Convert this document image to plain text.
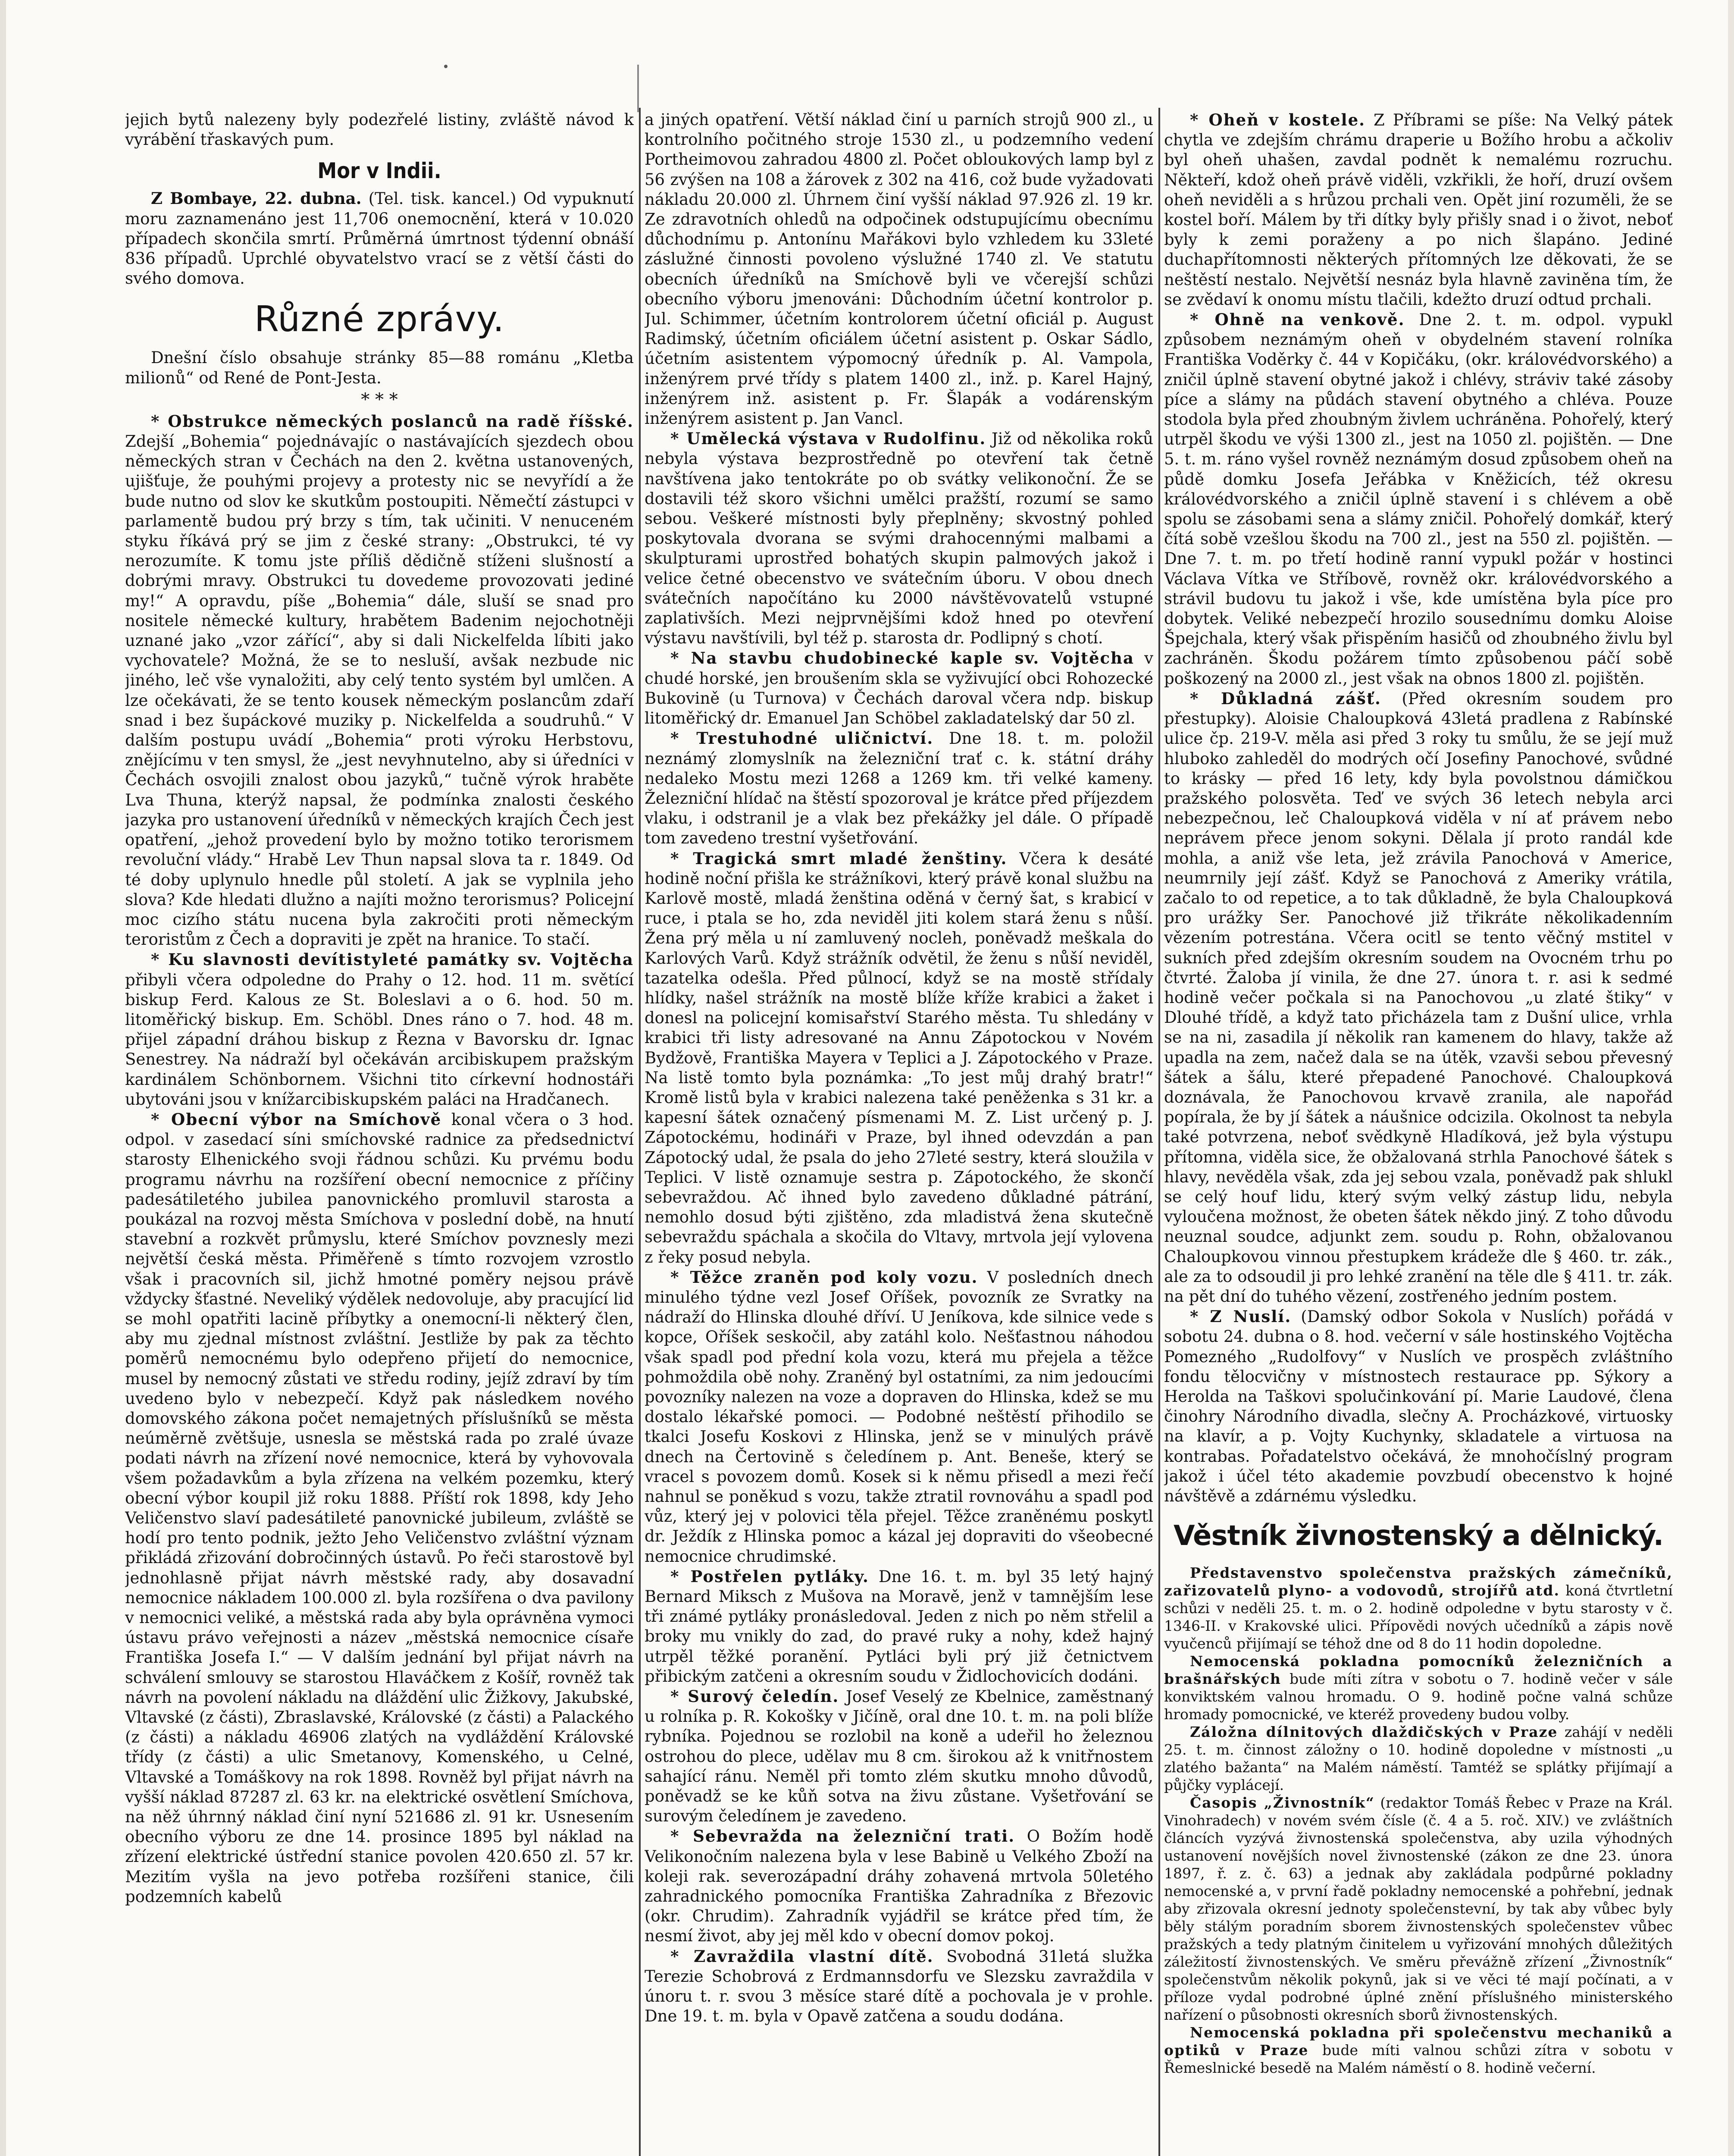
jejich bytů nalezeny byly podezřelé listiny, zvláště návod k vyrábění třaskavých pum.

Mor v Indii.

Z Bombaye, 22. dubna. (Tel. tisk. kancel.) Od vypuknutí moru zaznamenáno jest 11,706 onemocnění, která v 10.020 případech skončila smrtí. Průměrná úmrtnost týdenní obnáší 836 případů. Uprchlé obyvatelstvo vrací se z větší části do svého domova.

Různé zprávy.

Dnešní číslo obsahuje stránky 85—88 románu „Kletba milionů“ od René de Pont-Jesta.

* * *

* Obstrukce německých poslanců na radě říšské. Zdejší „Bohemia“ pojednávajíc o nastávajících sjezdech obou německých stran v Čechách na den 2. května ustanovených, ujišťuje, že pouhými projevy a protesty nic se nevyřídí a že bude nutno od slov ke skutkům postoupiti. Němečtí zástupci v parlamentě budou prý brzy s tím, tak učiniti. V nenuceném styku říkává prý se jim z české strany: „Obstrukci, té vy nerozumíte. K tomu jste příliš dědičně stíženi slušností a dobrými mravy. Obstrukci tu dovedeme provozovati jediné my!“ A opravdu, píše „Bohemia“ dále, sluší se snad pro nositele německé kultury, hrabětem Badenim nejochotněji uznané jako „vzor zářící“, aby si dali Nickelfelda líbiti jako vychovatele? Možná, že se to nesluší, avšak nezbude nic jiného, leč vše vynaložiti, aby celý tento systém byl umlčen. A lze očekávati, že se tento kousek německým poslancům zdaří snad i bez šupáckové muziky p. Nickelfelda a soudruhů.“ V dalším postupu uvádí „Bohemia“ proti výroku Herbstovu, znějícímu v ten smysl, že „jest nevyhnutelno, aby si úředníci v Čechách osvojili znalost obou jazyků,“ tučně výrok hraběte Lva Thuna, kterýž napsal, že podmínka znalosti českého jazyka pro ustanovení úředníků v německých krajích Čech jest opatření, „jehož provedení bylo by možno totiko terorismem revoluční vlády.“ Hrabě Lev Thun napsal slova ta r. 1849. Od té doby uplynulo hnedle půl století. A jak se vyplnila jeho slova? Kde hledati dlužno a najíti možno terorismus? Policejní moc cizího státu nucena byla zakročiti proti německým teroristům z Čech a dopraviti je zpět na hranice. To stačí.

* Ku slavnosti devítistyleté památky sv. Vojtěcha přibyli včera odpoledne do Prahy o 12. hod. 11 m. světící biskup Ferd. Kalous ze St. Boleslavi a o 6. hod. 50 m. litoměřický biskup. Em. Schöbl. Dnes ráno o 7. hod. 48 m. přijel západní dráhou biskup z Řezna v Bavorsku dr. Ignac Senestrey. Na nádraží byl očekáván arcibiskupem pražským kardinálem Schönbornem. Všichni tito církevní hodnostáři ubytováni jsou v knížarcibiskupském paláci na Hradčanech.

* Obecní výbor na Smíchově konal včera o 3 hod. odpol. v zasedací síni smíchovské radnice za předsednictví starosty Elhenického svoji řádnou schůzi. Ku prvému bodu programu návrhu na rozšíření obecní nemocnice z příčiny padesátiletého jubilea panovnického promluvil starosta a poukázal na rozvoj města Smíchova v poslední době, na hnutí stavební a rozkvět průmyslu, které Smíchov povznesly mezi největší česká města. Přiměřeně s tímto rozvojem vzrostlo však i pracovních sil, jichž hmotné poměry nejsou právě vždycky šťastné. Neveliký výdělek nedovoluje, aby pracující lid se mohl opatřiti lacině příbytky a onemocní-li některý člen, aby mu zjednal místnost zvláštní. Jestliže by pak za těchto poměrů nemocnému bylo odepřeno přijetí do nemocnice, musel by nemocný zůstati ve středu rodiny, jejíž zdraví by tím uvedeno bylo v nebezpečí. Když pak následkem nového domovského zákona počet nemajetných příslušníků se města neúměrně zvětšuje, usnesla se městská rada po zralé úvaze podati návrh na zřízení nové nemocnice, která by vyhovovala všem požadavkům a byla zřízena na velkém pozemku, který obecní výbor koupil již roku 1888. Příští rok 1898, kdy Jeho Veličenstvo slaví padesátileté panovnické jubileum, zvláště se hodí pro tento podnik, ježto Jeho Veličenstvo zvláštní význam přikládá zřizování dobročinných ústavů. Po řeči starostově byl jednohlasně přijat návrh městské rady, aby dosavadní nemocnice nákladem 100.000 zl. byla rozšířena o dva pavilony v nemocnici veliké, a městská rada aby byla oprávněna vymoci ústavu právo veřejnosti a název „městská nemocnice císaře Františka Josefa I.“ — V dalším jednání byl přijat návrh na schválení smlouvy se starostou Hlaváčkem z Košíř, rovněž tak návrh na povolení nákladu na dláždění ulic Žižkovy, Jakubské, Vltavské (z části), Zbraslavské, Královské (z části) a Palackého (z části) a nákladu 46906 zlatých na vydláždění Královské třídy (z části) a ulic Smetanovy, Komenského, u Celné, Vltavské a Tomáškovy na rok 1898. Rovněž byl přijat návrh na vyšší náklad 87287 zl. 63 kr. na elektrické osvětlení Smíchova, na něž úhrnný náklad činí nyní 521686 zl. 91 kr. Usnesením obecního výboru ze dne 14. prosince 1895 byl náklad na zřízení elektrické ústřední stanice povolen 420.650 zl. 57 kr. Mezitím vyšla na jevo potřeba rozšířeni stanice, čili podzemních kabelů

a jiných opatření. Větší náklad činí u parních strojů 900 zl., u kontrolního počitného stroje 1530 zl., u podzemního vedení Portheimovou zahradou 4800 zl. Počet obloukových lamp byl z 56 zvýšen na 108 a žárovek z 302 na 416, což bude vyžadovati nákladu 20.000 zl. Úhrnem činí vyšší náklad 97.926 zl. 19 kr. Ze zdravotních ohledů na odpočinek odstupujícímu obecnímu důchodnímu p. Antonínu Mařákovi bylo vzhledem ku 33leté záslužné činnosti povoleno výslužné 1740 zl. Ve statutu obecních úředníků na Smíchově byli ve včerejší schůzi obecního výboru jmenováni: Důchodním účetní kontrolor p. Jul. Schimmer, účetním kontrolorem účetní oficiál p. August Radimský, účetním oficiálem účetní asistent p. Oskar Sádlo, účetním asistentem výpomocný úředník p. Al. Vampola, inženýrem prvé třídy s platem 1400 zl., inž. p. Karel Hajný, inženýrem inž. asistent p. Fr. Šlapák a vodárenským inženýrem asistent p. Jan Vancl.

* Umělecká výstava v Rudolfinu. Již od několika roků nebyla výstava bezprostředně po otevření tak četně navštívena jako tentokráte po ob svátky velikonoční. Že se dostavili též skoro všichni umělci pražští, rozumí se samo sebou. Veškeré místnosti byly přeplněny; skvostný pohled poskytovala dvorana se svými drahocennými malbami a skulpturami uprostřed bohatých skupin palmových jakož i velice četné obecenstvo ve svátečním úboru. V obou dnech svátečních napočítáno ku 2000 návštěvovatelů vstupné zaplativších. Mezi nejprvnějšími kdož hned po otevření výstavu navštívili, byl též p. starosta dr. Podlipný s chotí.

* Na stavbu chudobinecké kaple sv. Vojtěcha v chudé horské, jen broušením skla se vyživující obci Rohozecké Bukovině (u Turnova) v Čechách daroval včera ndp. biskup litoměřický dr. Emanuel Jan Schöbel zakladatelský dar 50 zl.

* Trestuhodné uličnictví. Dne 18. t. m. položil neznámý zlomyslník na železniční trať c. k. státní dráhy nedaleko Mostu mezi 1268 a 1269 km. tři velké kameny. Železniční hlídač na štěstí spozoroval je krátce před příjezdem vlaku, i odstranil je a vlak bez překážky jel dále. O případě tom zavedeno trestní vyšetřování.

* Tragická smrt mladé ženštiny. Včera k desáté hodině noční přišla ke strážníkovi, který právě konal službu na Karlově mostě, mladá ženština oděná v černý šat, s krabicí v ruce, i ptala se ho, zda neviděl jiti kolem stará ženu s nůší. Žena prý měla u ní zamluvený nocleh, poněvadž meškala do Karlových Varů. Když strážník odvětil, že ženu s nůší neviděl, tazatelka odešla. Před půlnocí, když se na mostě střídaly hlídky, našel strážník na mostě blíže kříže krabici a žaket i donesl na policejní komisařství Starého města. Tu shledány v krabici tři listy adresované na Annu Zápotockou v Novém Bydžově, Františka Mayera v Teplici a J. Zápotockého v Praze. Na listě tomto byla poznámka: „To jest můj drahý bratr!“ Kromě listů byla v krabici nalezena také peněženka s 31 kr. a kapesní šátek označený písmenami M. Z. List určený p. J. Zápotockému, hodináři v Praze, byl ihned odevzdán a pan Zápotocký udal, že psala do jeho 27leté sestry, která sloužila v Teplici. V listě oznamuje sestra p. Zápotockého, že skončí sebevraždou. Ač ihned bylo zavedeno důkladné pátrání, nemohlo dosud býti zjištěno, zda mladistvá žena skutečně sebevraždu spáchala a skočila do Vltavy, mrtvola její vylovena z řeky posud nebyla.

* Těžce zraněn pod koly vozu. V posledních dnech minulého týdne vezl Josef Oříšek, povozník ze Svratky na nádraží do Hlinska dlouhé dříví. U Jeníkova, kde silnice vede s kopce, Oříšek seskočil, aby zatáhl kolo. Nešťastnou náhodou však spadl pod přední kola vozu, která mu přejela a těžce pohmoždila obě nohy. Zraněný byl ostatními, za nim jedoucími povozníky nalezen na voze a dopraven do Hlinska, kdež se mu dostalo lékařské pomoci. — Podobné neštěstí přihodilo se tkalci Josefu Koskovi z Hlinska, jenž se v minulých právě dnech na Čertovině s čeledínem p. Ant. Beneše, který se vracel s povozem domů. Kosek si k němu přisedl a mezi řečí nahnul se poněkud s vozu, takže ztratil rovnováhu a spadl pod vůz, který jej v polovici těla přejel. Těžce zraněnému poskytl dr. Ježdík z Hlinska pomoc a kázal jej dopraviti do všeobecné nemocnice chrudimské.

* Postřelen pytláky. Dne 16. t. m. byl 35 letý hajný Bernard Miksch z Mušova na Moravě, jenž v tamnějším lese tři známé pytláky pronásledoval. Jeden z nich po něm střelil a broky mu vnikly do zad, do pravé ruky a nohy, kdež hajný utrpěl těžké poranění. Pytláci byli prý již četnictvem přibickým zatčeni a okresním soudu v Židlochovicích dodáni.

* Surový čeledín. Josef Veselý ze Kbelnice, zaměstnaný u rolníka p. R. Kokošky v Jičíně, oral dne 10. t. m. na poli blíže rybníka. Pojednou se rozlobil na koně a udeřil ho železnou ostrohou do plece, udělav mu 8 cm. širokou až k vnitřnostem sahající ránu. Neměl při tomto zlém skutku mnoho důvodů, poněvadž se ke kůň sotva na živu zůstane. Vyšetřování se surovým čeledínem je zavedeno.

* Sebevražda na železniční trati. O Božím hodě Velikonočním nalezena byla v lese Babině u Velkého Zboží na koleji rak. severozápadní dráhy zohavená mrtvola 50letého zahradnického pomocníka Františka Zahradníka z Březovic (okr. Chrudim). Zahradník vyjádřil se krátce před tím, že nesmí život, aby jej měl kdo v obecní domov pokoj.

* Zavraždila vlastní dítě. Svobodná 31letá služka Terezie Schobrová z Erdmannsdorfu ve Slezsku zavraždila v únoru t. r. svou 3 měsíce staré dítě a pochovala je v prohle. Dne 19. t. m. byla v Opavě zatčena a soudu dodána.

* Oheň v kostele. Z Příbrami se píše: Na Velký pátek chytla ve zdejším chrámu draperie u Božího hrobu a ačkoliv byl oheň uhašen, zavdal podnět k nemalému rozruchu. Někteří, kdož oheň právě viděli, vzkřikli, že hoří, druzí ovšem oheň neviděli a s hrůzou prchali ven. Opět jiní rozuměli, že se kostel boří. Málem by tři dítky byly přišly snad i o život, neboť byly k zemi poraženy a po nich šlapáno. Jediné duchapřítomnosti některých přítomných lze děkovati, že se neštěstí nestalo. Největší nesnáz byla hlavně zaviněna tím, že se zvědaví k onomu místu tlačili, kdežto druzí odtud prchali.

* Ohně na venkově. Dne 2. t. m. odpol. vypukl způsobem neznámým oheň v obydelném stavení rolníka Františka Voděrky č. 44 v Kopičáku, (okr. královédvorského) a zničil úplně stavení obytné jakož i chlévy, stráviv také zásoby píce a slámy na půdách stavení obytného a chléva. Pouze stodola byla před zhoubným živlem uchráněna. Pohořelý, který utrpěl škodu ve výši 1300 zl., jest na 1050 zl. pojištěn. — Dne 5. t. m. ráno vyšel rovněž neznámým dosud způsobem oheň na půdě domku Josefa Jeřábka v Kněžicích, též okresu královédvorského a zničil úplně stavení i s chlévem a obě spolu se zásobami sena a slámy zničil. Pohořelý domkář, který čítá sobě vzešlou škodu na 700 zl., jest na 550 zl. pojištěn. — Dne 7. t. m. po třetí hodině ranní vypukl požár v hostinci Václava Vítka ve Stříbově, rovněž okr. královédvorského a strávil budovu tu jakož i vše, kde umístěna byla píce pro dobytek. Veliké nebezpečí hrozilo sousednímu domku Aloise Špejchala, který však přispěním hasičů od zhoubného živlu byl zachráněn. Škodu požárem tímto způsobenou páčí sobě poškozený na 2000 zl., jest však na obnos 1800 zl. pojištěn.

* Důkladná zášť. (Před okresním soudem pro přestupky). Aloisie Chaloupková 43letá pradlena z Rabínské ulice čp. 219-V. měla asi před 3 roky tu smůlu, že se její muž hluboko zahleděl do modrých očí Josefiny Panochové, svůdné to krásky — před 16 lety, kdy byla povolstnou dámičkou pražského polosvěta. Teď ve svých 36 letech nebyla arci nebezpečnou, leč Chaloupková viděla v ní ať právem nebo neprávem přece jenom sokyni. Dělala jí proto randál kde mohla, a aniž vše leta, jež zrávila Panochová v Americe, neumrnily její zášť. Když se Panochová z Ameriky vrátila, začalo to od repetice, a to tak důkladně, že byla Chaloupková pro urážky Ser. Panochové již třikráte několikadenním vězením potrestána. Včera ocitl se tento věčný mstitel v sukních před zdejším okresním soudem na Ovocném trhu po čtvrté. Žaloba jí vinila, že dne 27. února t. r. asi k sedmé hodině večer počkala si na Panochovou „u zlaté štiky“ v Dlouhé třídě, a když tato přicházela tam z Dušní ulice, vrhla se na ni, zasadila jí několik ran kamenem do hlavy, takže až upadla na zem, načež dala se na útěk, vzavši sebou převesný šátek a šálu, které přepadené Panochové. Chaloupková doznávala, že Panochovou krvavě zranila, ale napořád popírala, že by jí šátek a náušnice odcizila. Okolnost ta nebyla také potvrzena, neboť svědkyně Hladíková, jež byla výstupu přítomna, viděla sice, že obžalovaná strhla Panochové šátek s hlavy, nevěděla však, zda jej sebou vzala, poněvadž pak shlukl se celý houf lidu, který svým velký zástup lidu, nebyla vyloučena možnost, že obeten šátek někdo jiný. Z toho důvodu neuznal soudce, adjunkt zem. soudu p. Rohn, obžalovanou Chaloupkovou vinnou přestupkem krádeže dle § 460. tr. zák., ale za to odsoudil ji pro lehké zranění na těle dle § 411. tr. zák. na pět dní do tuhého vězení, zostřeného jedním postem.

* Z Nuslí. (Damský odbor Sokola v Nuslích) pořádá v sobotu 24. dubna o 8. hod. večerní v sále hostinského Vojtěcha Pomezného „Rudolfovy“ v Nuslích ve prospěch zvláštního fondu tělocvičny v místnostech restaurace pp. Sýkory a Herolda na Taškovi spolučinkování pí. Marie Laudové, člena činohry Národního divadla, slečny A. Procházkové, virtuosky na klavír, a p. Vojty Kuchynky, skladatele a virtuosa na kontrabas. Pořadatelstvo očekává, že mnohočíslný program jakož i účel této akademie povzbudí obecenstvo k hojné návštěvě a zdárnému výsledku.

Věstník živnostenský a dělnický.

Představenstvo společenstva pražských zámečníků, zařizovatelů plyno- a vodovodů, strojířů atd. koná čtvrtletní schůzi v neděli 25. t. m. o 2. hodině odpoledne v bytu starosty v č. 1346-II. v Krakovské ulici. Přípovědi nových učedníků a zápis nově vyučenců přijímají se téhož dne od 8 do 11 hodin dopoledne.

Nemocenská pokladna pomocníků železničních a brašnářských bude míti zítra v sobotu o 7. hodině večer v sále konviktském valnou hromadu. O 9. hodině počne valná schůze hromady pomocnické, ve kteréž provedeny budou volby.

Záložna dílnitových dlaždičských v Praze zahájí v neděli 25. t. m. činnost záložny o 10. hodině dopoledne v místnosti „u zlatého bažanta“ na Malém náměstí. Tamtéž se splátky přijímají a půjčky vyplácejí.

Časopis „Živnostník“ (redaktor Tomáš Řebec v Praze na Král. Vinohradech) v novém svém čísle (č. 4 a 5. roč. XIV.) ve zvláštních článcích vyzývá živnostenská společenstva, aby uzila výhodných ustanovení novějších novel živnostenské (zákon ze dne 23. února 1897, ř. z. č. 63) a jednak aby zakládala podpůrné pokladny nemocenské a, v první řadě pokladny nemocenské a pohřební, jednak aby zřizovala okresní jednoty společenstevní, by tak aby vůbec byly běly stálým poradním sborem živnostenských společenstev vůbec pražských a tedy platným činitelem u vyřizování mnohých důležitých záležitostí živnostenských. Ve směru převážně zřízení „Živnostník“ společenstvům několik pokynů, jak si ve věci té mají počínati, a v příloze vydal podrobné úplné znění příslušného ministerského nařízení o působnosti okresních sborů živnostenských.

Nemocenská pokladna při společenstvu mechaniků a optiků v Praze bude míti valnou schůzi zítra v sobotu v Řemeslnické besedě na Malém náměstí o 8. hodině večerní.
